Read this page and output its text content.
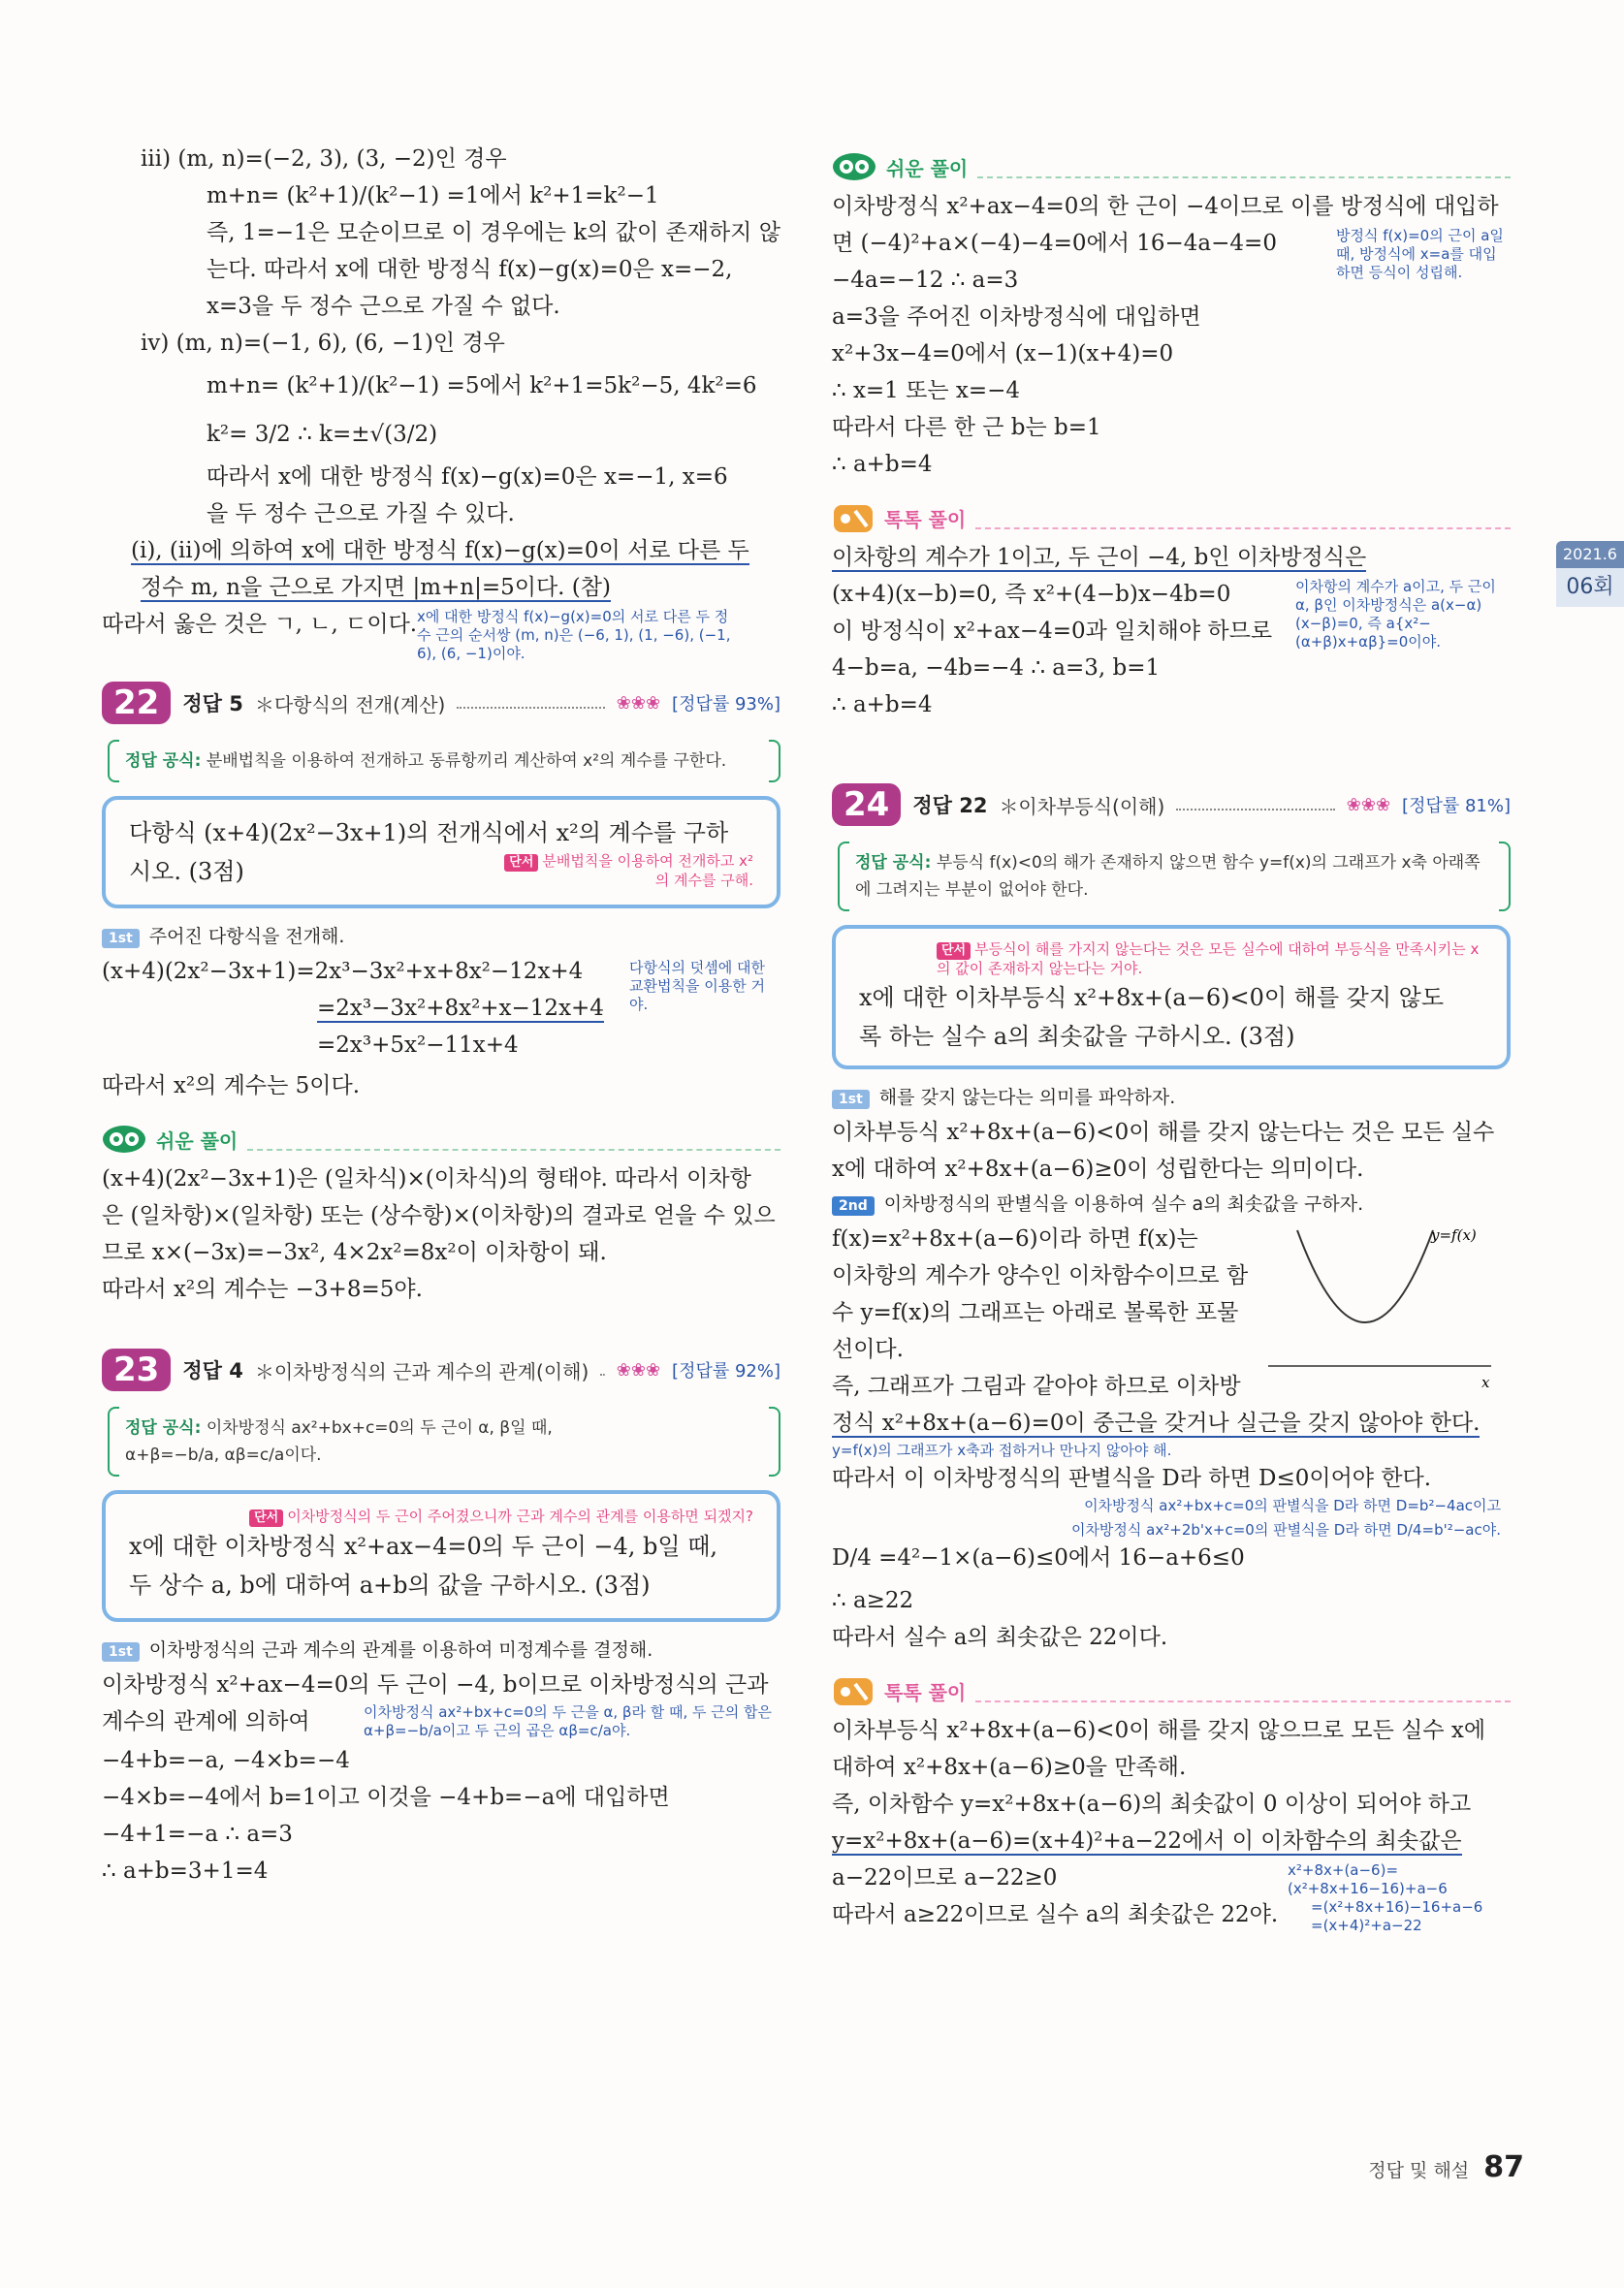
iii) (m, n)=(−2, 3), (3, −2)인 경우

m+n= (k²+1)/(k²−1) =1에서 k²+1=k²−1

즉, 1=−1은 모순이므로 이 경우에는 k의 값이 존재하지 않

는다. 따라서 x에 대한 방정식 f(x)−g(x)=0은 x=−2,

x=3을 두 정수 근으로 가질 수 없다.

iv) (m, n)=(−1, 6), (6, −1)인 경우

m+n= (k²+1)/(k²−1) =5에서 k²+1=5k²−5, 4k²=6

k²= 3/2 ∴ k=±√(3/2)

따라서 x에 대한 방정식 f(x)−g(x)=0은 x=−1, x=6

을 두 정수 근으로 가질 수 있다.

(i), (ii)에 의하여 x에 대한 방정식 f(x)−g(x)=0이 서로 다른 두

정수 m, n을 근으로 가지면 |m+n|=5이다. (참)

따라서 옳은 것은 ㄱ, ㄴ, ㄷ이다. x에 대한 방정식 f(x)−g(x)=0의 서로 다른 두 정수 근의 순서쌍 (m, n)은 (−6, 1), (1, −6), (−1, 6), (6, −1)이야.

22	정답 5 ＊다항식의 전개(계산)	❀❀❀ [정답률 93%]
정답 공식: 분배법칙을 이용하여 전개하고 동류항끼리 계산하여 x²의 계수를 구한다.

다항식 (x+4)(2x²−3x+1)의 전개식에서 x²의 계수를 구하

시오. (3점)	단서 분배법칙을 이용하여 전개하고 x²의 계수를 구해.

1st 주어진 다항식을 전개해.

(x+4)(2x²−3x+1)=2x³−3x²+x+8x²−12x+4

=2x³−3x²+8x²+x−12x+4

=2x³+5x²−11x+4

다항식의 덧셈에 대한 교환법칙을 이용한 거야.

따라서 x²의 계수는 5이다.

쉬운 풀이

(x+4)(2x²−3x+1)은 (일차식)×(이차식)의 형태야. 따라서 이차항

은 (일차항)×(일차항) 또는 (상수항)×(이차항)의 결과로 얻을 수 있으

므로 x×(−3x)=−3x², 4×2x²=8x²이 이차항이 돼.

따라서 x²의 계수는 −3+8=5야.

23	정답 4 ＊이차방정식의 근과 계수의 관계(이해) ❀❀❀ [정답률 92%]

정답 공식: 이차방정식 ax²+bx+c=0의 두 근이 α, β일 때,

α+β=−b/a, αβ=c/a이다.

단서 이차방정식의 두 근이 주어졌으니까 근과 계수의 관계를 이용하면 되겠지?

x에 대한 이차방정식 x²+ax−4=0의 두 근이 −4, b일 때,

두 상수 a, b에 대하여 a+b의 값을 구하시오. (3점)

1st 이차방정식의 근과 계수의 관계를 이용하여 미정계수를 결정해.

이차방정식 x²+ax−4=0의 두 근이 −4, b이므로 이차방정식의 근과

계수의 관계에 의하여	이차방정식 ax²+bx+c=0의 두 근을 α, β라 할 때, 두 근의 합은 α+β=−b/a이고 두 근의 곱은 αβ=c/a야.

−4+b=−a, −4×b=−4

−4×b=−4에서 b=1이고 이것을 −4+b=−a에 대입하면

−4+1=−a ∴ a=3

∴ a+b=3+1=4

쉬운 풀이

이차방정식 x²+ax−4=0의 한 근이 −4이므로 이를 방정식에 대입하

면 (−4)²+a×(−4)−4=0에서 16−4a−4=0

−4a=−12 ∴ a=3

방정식 f(x)=0의 근이 a일 때, 방정식에 x=a를 대입하면 등식이 성립해.

a=3을 주어진 이차방정식에 대입하면

x²+3x−4=0에서 (x−1)(x+4)=0

∴ x=1 또는 x=−4

따라서 다른 한 근 b는 b=1

∴ a+b=4

톡톡 풀이

이차항의 계수가 1이고, 두 근이 −4, b인 이차방정식은

(x+4)(x−b)=0, 즉 x²+(4−b)x−4b=0

이 방정식이 x²+ax−4=0과 일치해야 하므로

4−b=a, −4b=−4 ∴ a=3, b=1

∴ a+b=4

이차항의 계수가 a이고, 두 근이 α, β인 이차방정식은 a(x−α)(x−β)=0, 즉 a{x²−(α+β)x+αβ}=0이야.

24	정답 22 ＊이차부등식(이해)	❀❀❀ [정답률 81%]
정답 공식: 부등식 f(x)<0의 해가 존재하지 않으면 함수 y=f(x)의 그래프가 x축 아래쪽에 그려지는 부분이 없어야 한다.

단서 부등식이 해를 가지지 않는다는 것은 모든 실수에 대하여 부등식을 만족시키는 x의 값이 존재하지 않는다는 거야.

x에 대한 이차부등식 x²+8x+(a−6)<0이 해를 갖지 않도

록 하는 실수 a의 최솟값을 구하시오. (3점)

1st 해를 갖지 않는다는 의미를 파악하자.

이차부등식 x²+8x+(a−6)<0이 해를 갖지 않는다는 것은 모든 실수

x에 대하여 x²+8x+(a−6)≥0이 성립한다는 의미이다.

2nd 이차방정식의 판별식을 이용하여 실수 a의 최솟값을 구하자.

f(x)=x²+8x+(a−6)이라 하면 f(x)는

이차항의 계수가 양수인 이차함수이므로 함

수 y=f(x)의 그래프는 아래로 볼록한 포물

선이다.

즉, 그래프가 그림과 같아야 하므로 이차방

y=f(x)
x

정식 x²+8x+(a−6)=0이 중근을 갖거나 실근을 갖지 않아야 한다.

y=f(x)의 그래프가 x축과 접하거나 만나지 않아야 해.

따라서 이 이차방정식의 판별식을 D라 하면 D≤0이어야 한다.

이차방정식 ax²+bx+c=0의 판별식을 D라 하면 D=b²−4ac이고

이차방정식 ax²+2b'x+c=0의 판별식을 D라 하면 D/4=b'²−ac야.

D/4 =4²−1×(a−6)≤0에서 16−a+6≤0

∴ a≥22

따라서 실수 a의 최솟값은 22이다.

톡톡 풀이

이차부등식 x²+8x+(a−6)<0이 해를 갖지 않으므로 모든 실수 x에

대하여 x²+8x+(a−6)≥0을 만족해.

즉, 이차함수 y=x²+8x+(a−6)의 최솟값이 0 이상이 되어야 하고

y=x²+8x+(a−6)=(x+4)²+a−22에서 이 이차함수의 최솟값은

a−22이므로 a−22≥0

따라서 a≥22이므로 실수 a의 최솟값은 22야.

x²+8x+(a−6)=(x²+8x+16−16)+a−6

=(x²+8x+16)−16+a−6

=(x+4)²+a−22

2021.6
06회
정답 및 해설 87
